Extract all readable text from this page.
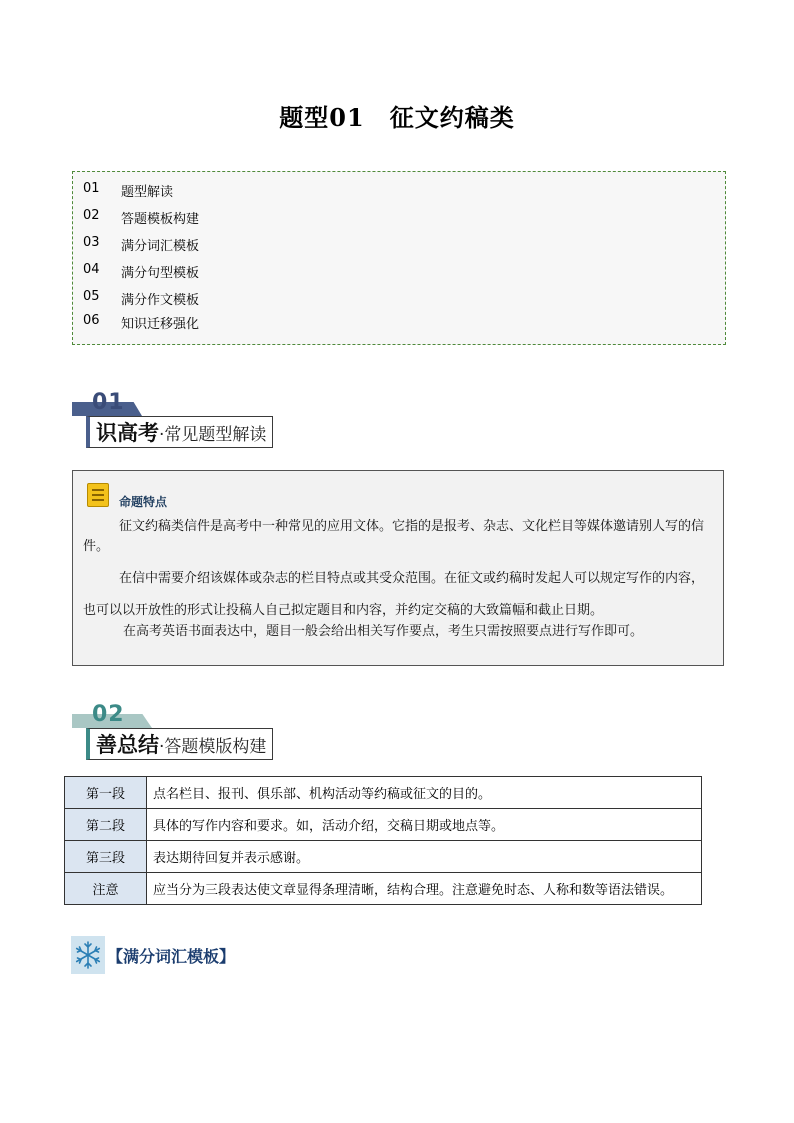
题型01　征文约稿类
01	题型解读
02	答题模板构建
03	满分词汇模板
04	满分句型模板
05	满分作文模板
06	知识迁移强化
01
识高考 ·常见题型解读
命题特点
征文约稿类信件是高考中一种常见的应用文体。它指的是报考、杂志、文化栏目等媒体邀请别人写的信件。
在信中需要介绍该媒体或杂志的栏目特点或其受众范围。在征文或约稿时发起人可以规定写作的内容，也可以以开放性的形式让投稿人自己拟定题目和内容，并约定交稿的大致篇幅和截止日期。
在高考英语书面表达中，题目一般会给出相关写作要点，考生只需按照要点进行写作即可。
02
善总结 ·答题模版构建
第一段	点名栏目、报刊、俱乐部、机构活动等约稿或征文的目的。
第二段	具体的写作内容和要求。如，活动介绍，交稿日期或地点等。
第三段	表达期待回复并表示感谢。
注意	应当分为三段表达使文章显得条理清晰，结构合理。注意避免时态、人称和数等语法错误。
【满分词汇模板】
